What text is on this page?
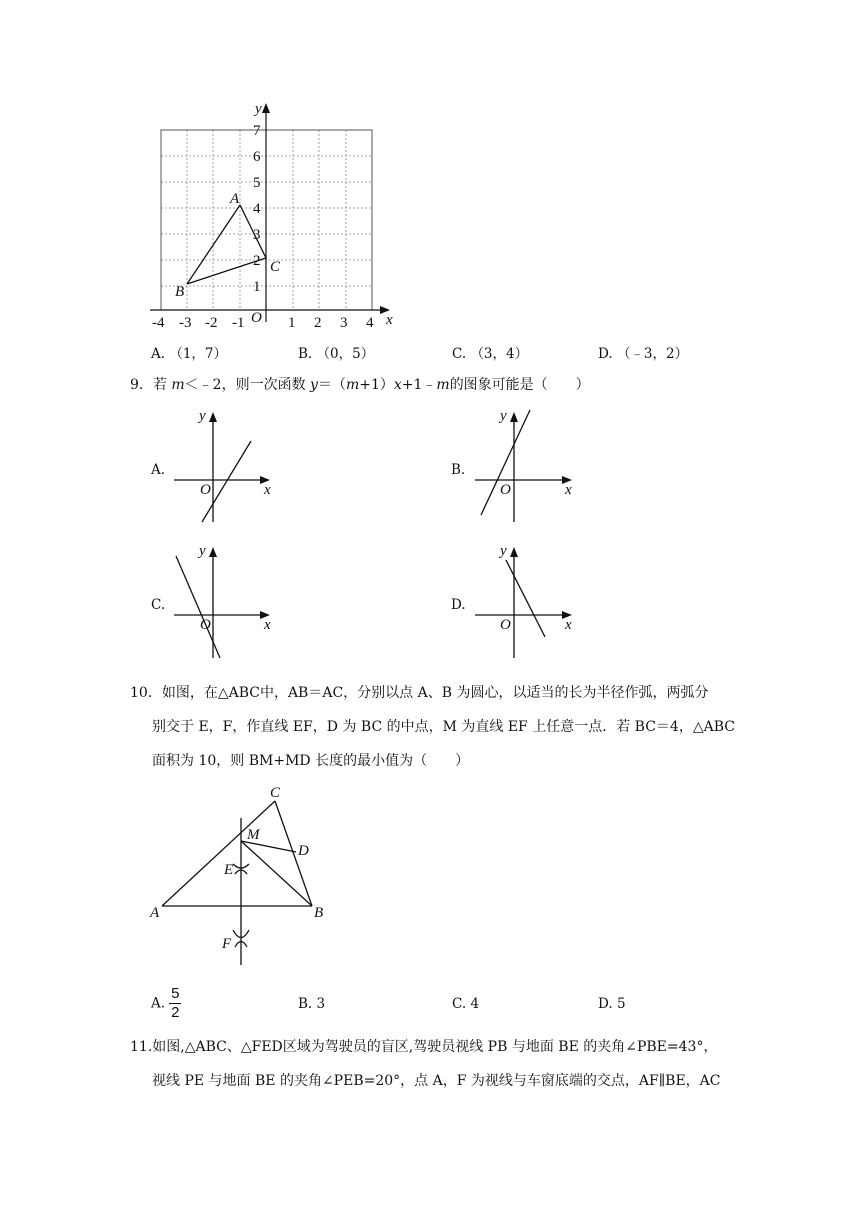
-4 -3 -2 -1	1 2 3 4
1
2
3
4
5
6
7
x
y
O
A
B
C
A. （1，7）	B. （0，5）	C. （3，4）	D. （﹣3，2）
9．若 m＜﹣2，则一次函数 y＝（m+1）x+1﹣m的图象可能是（　　）
A.
y
x
O
B.
y
x
O
C.
y
x
O
D.
y
x
O
10．如图，在△ABC中，AB＝AC，分别以点 A、B 为圆心，以适当的长为半径作弧，两弧分
别交于 E，F，作直线 EF，D 为 BC 的中点，M 为直线 EF 上任意一点．若 BC＝4，△ABC
面积为 10，则 BM+MD 长度的最小值为（　　）
C
M
D
E
A	B
F
A. $\frac{5}{2}$	B. 3	C. 4	D. 5
11.如图,△ABC、△FED区域为驾驶员的盲区,驾驶员视线 PB 与地面 BE 的夹角∠PBE=43°，
视线 PE 与地面 BE 的夹角∠PEB=20°，点 A，F 为视线与车窗底端的交点，AF∥BE，AC
